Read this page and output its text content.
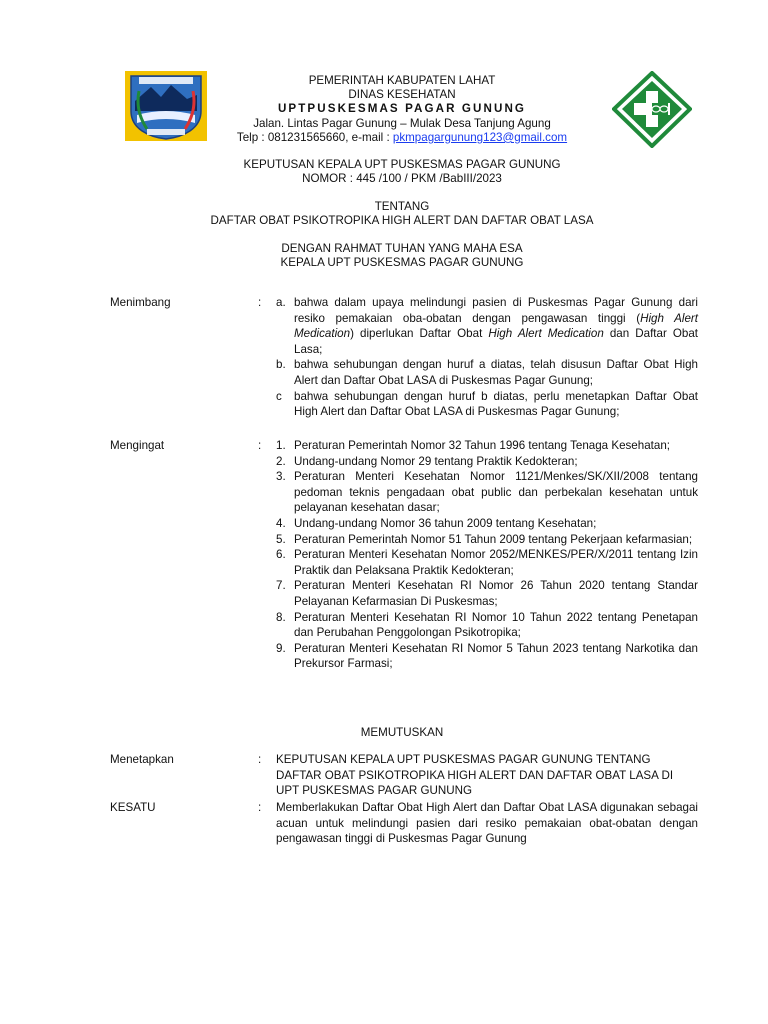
PEMERINTAH KABUPATEN LAHAT
DINAS KESEHATAN
UPTPUSKESMAS PAGAR GUNUNG
Jalan. Lintas Pagar Gunung – Mulak Desa Tanjung Agung
Telp : 081231565660, e-mail : pkmpagargunung123@gmail.com
KEPUTUSAN KEPALA UPT PUSKESMAS PAGAR GUNUNG
NOMOR : 445 /100 / PKM /BabIII/2023
TENTANG
DAFTAR OBAT PSIKOTROPIKA HIGH ALERT DAN DAFTAR OBAT LASA
DENGAN RAHMAT TUHAN YANG MAHA ESA
KEPALA UPT PUSKESMAS PAGAR GUNUNG
Menimbang	:	a. bahwa dalam upaya melindungi pasien di Puskesmas Pagar Gunung dari resiko pemakaian oba-obatan dengan pengawasan tinggi (High Alert Medication) diperlukan Daftar Obat High Alert Medication dan Daftar Obat Lasa;
b. bahwa sehubungan dengan huruf a diatas, telah disusun Daftar Obat High Alert dan Daftar Obat LASA di Puskesmas Pagar Gunung;
c	bahwa sehubungan dengan huruf b diatas, perlu menetapkan Daftar Obat High Alert dan Daftar Obat LASA di Puskesmas Pagar Gunung;
Mengingat	:	1. Peraturan Pemerintah Nomor 32 Tahun 1996 tentang Tenaga Kesehatan;
2. Undang-undang Nomor 29 tentang Praktik Kedokteran;
3. Peraturan Menteri Kesehatan Nomor 1121/Menkes/SK/XII/2008 tentang pedoman teknis pengadaan obat public dan perbekalan kesehatan untuk pelayanan kesehatan dasar;
4. Undang-undang Nomor 36 tahun 2009 tentang Kesehatan;
5. Peraturan Pemerintah Nomor 51 Tahun 2009 tentang Pekerjaan kefarmasian;
6. Peraturan Menteri Kesehatan Nomor 2052/MENKES/PER/X/2011 tentang Izin Praktik dan Pelaksana Praktik Kedokteran;
7. Peraturan Menteri Kesehatan RI Nomor 26 Tahun 2020 tentang Standar Pelayanan Kefarmasian Di Puskesmas;
8. Peraturan Menteri Kesehatan RI Nomor 10 Tahun 2022 tentang Penetapan dan Perubahan Penggolongan Psikotropika;
9. Peraturan Menteri Kesehatan RI Nomor 5 Tahun 2023 tentang Narkotika dan Prekursor Farmasi;
MEMUTUSKAN
Menetapkan	:	KEPUTUSAN KEPALA UPT PUSKESMAS PAGAR GUNUNG TENTANG DAFTAR OBAT PSIKOTROPIKA HIGH ALERT DAN DAFTAR OBAT LASA DI UPT PUSKESMAS PAGAR GUNUNG
KESATU	:	Memberlakukan Daftar Obat High Alert dan Daftar Obat LASA digunakan sebagai acuan untuk melindungi pasien dari resiko pemakaian obat-obatan dengan pengawasan tinggi di Puskesmas Pagar Gunung
